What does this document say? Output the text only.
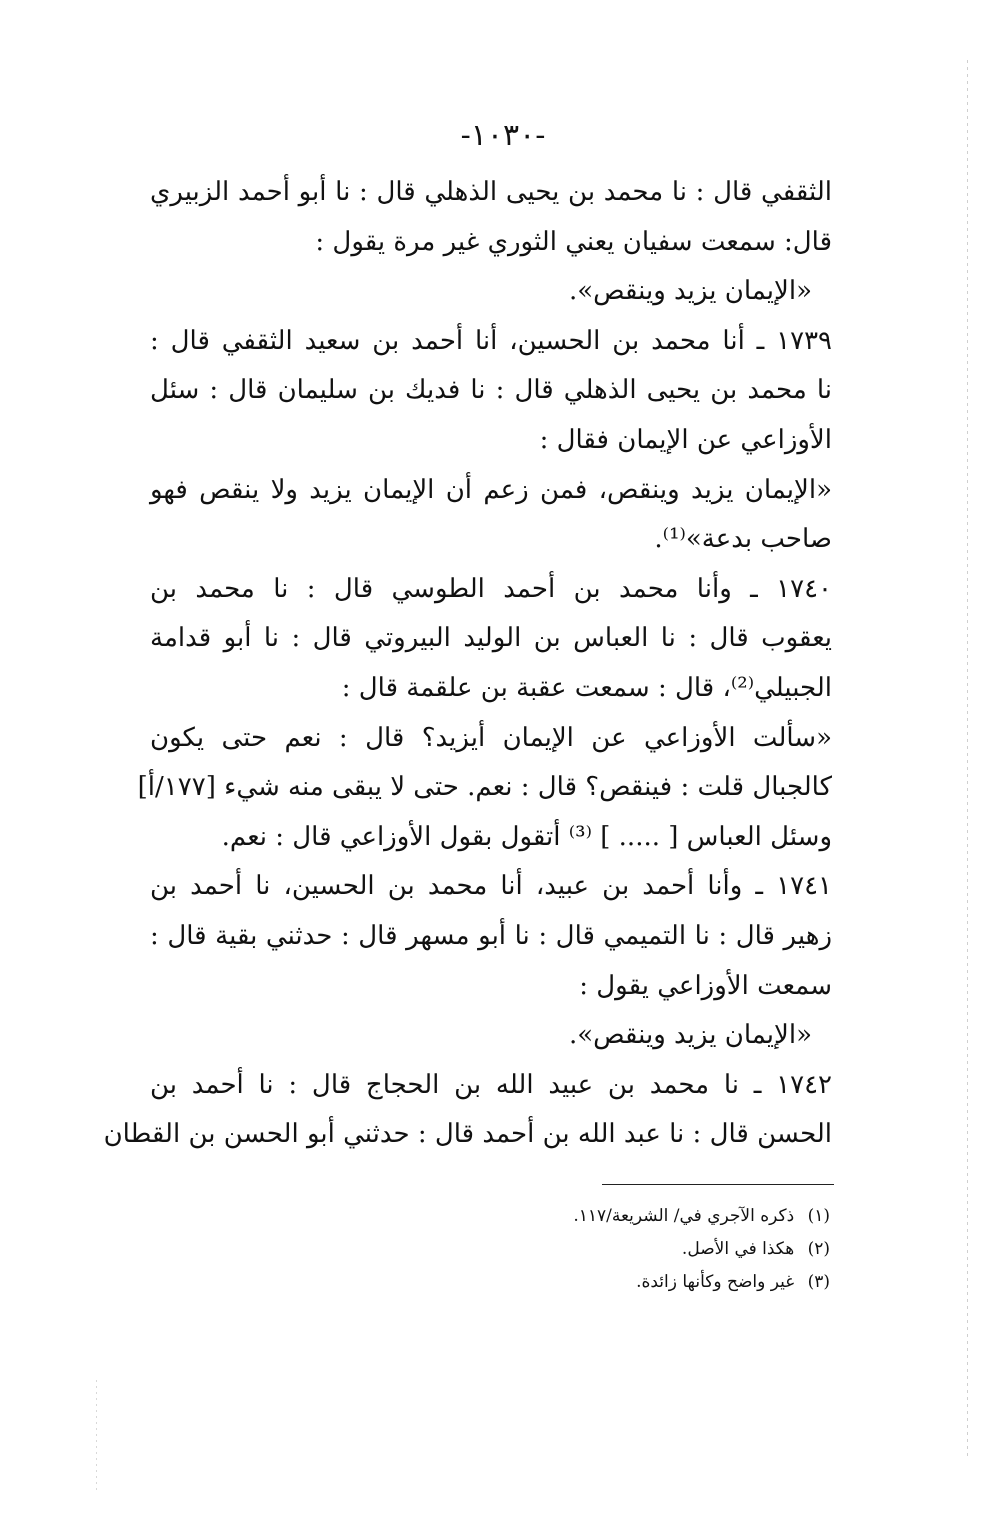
-١٠٣٠-
الثقفي قال : نا محمد بن يحيى الذهلي قال : نا أبو أحمد الزبيري
قال: سمعت سفيان يعني الثوري غير مرة يقول :
«الإيمان يزيد وينقص».
١٧٣٩ ـ أنا محمد بن الحسين، أنا أحمد بن سعيد الثقفي قال :
نا محمد بن يحيى الذهلي قال : نا فديك بن سليمان قال : سئل
الأوزاعي عن الإيمان فقال :
«الإيمان يزيد وينقص، فمن زعم أن الإيمان يزيد ولا ينقص فهو
صاحب بدعة»⁽¹⁾.
١٧٤٠ ـ وأنا محمد بن أحمد الطوسي قال : نا محمد بن
يعقوب قال : نا العباس بن الوليد البيروتي قال : نا أبو قدامة
الجبيلي⁽²⁾، قال : سمعت عقبة بن علقمة قال :
«سألت الأوزاعي عن الإيمان أيزيد؟ قال : نعم حتى يكون
كالجبال قلت : فينقص؟ قال : نعم. حتى لا يبقى منه شيء [١٧٧/أ]
وسئل العباس [ ..... ] ⁽³⁾ أتقول بقول الأوزاعي قال : نعم.
١٧٤١ ـ وأنا أحمد بن عبيد، أنا محمد بن الحسين، نا أحمد بن
زهير قال : نا التميمي قال : نا أبو مسهر قال : حدثني بقية قال :
سمعت الأوزاعي يقول :
«الإيمان يزيد وينقص».
١٧٤٢ ـ نا محمد بن عبيد الله بن الحجاج قال : نا أحمد بن
الحسن قال : نا عبد الله بن أحمد قال : حدثني أبو الحسن بن القطان
(١) ذكره الآجري في/ الشريعة/١١٧.
(٢) هكذا في الأصل.
(٣) غير واضح وكأنها زائدة.
